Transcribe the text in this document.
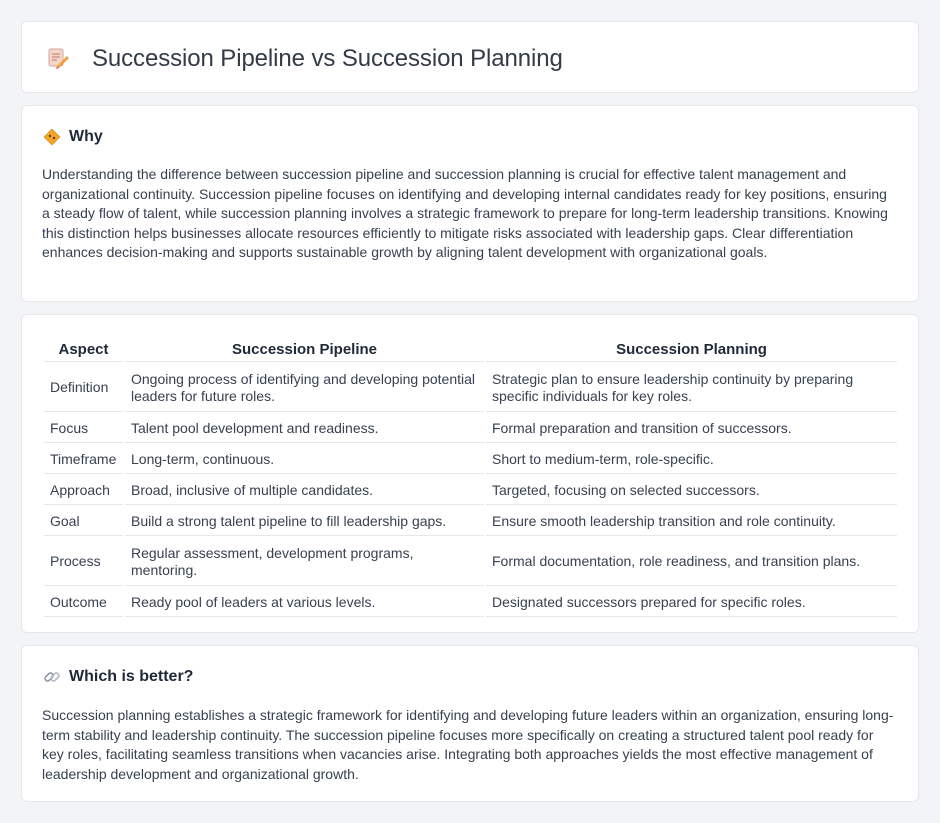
Succession Pipeline vs Succession Planning
Why

Understanding the difference between succession pipeline and succession planning is crucial for effective talent management and organizational continuity. Succession pipeline focuses on identifying and developing internal candidates ready for key positions, ensuring a steady flow of talent, while succession planning involves a strategic framework to prepare for long-term leadership transitions. Knowing this distinction helps businesses allocate resources efficiently to mitigate risks associated with leadership gaps. Clear differentiation enhances decision-making and supports sustainable growth by aligning talent development with organizational goals.

Aspect	Succession Pipeline	Succession Planning
Definition	Ongoing process of identifying and developing potential leaders for future roles.	Strategic plan to ensure leadership continuity by preparing specific individuals for key roles.
Focus	Talent pool development and readiness.	Formal preparation and transition of successors.
Timeframe	Long-term, continuous.	Short to medium-term, role-specific.
Approach	Broad, inclusive of multiple candidates.	Targeted, focusing on selected successors.
Goal	Build a strong talent pipeline to fill leadership gaps.	Ensure smooth leadership transition and role continuity.
Process	Regular assessment, development programs, mentoring.	Formal documentation, role readiness, and transition plans.
Outcome	Ready pool of leaders at various levels.	Designated successors prepared for specific roles.
Which is better?

Succession planning establishes a strategic framework for identifying and developing future leaders within an organization, ensuring long-term stability and leadership continuity. The succession pipeline focuses more specifically on creating a structured talent pool ready for key roles, facilitating seamless transitions when vacancies arise. Integrating both approaches yields the most effective management of leadership development and organizational growth.
